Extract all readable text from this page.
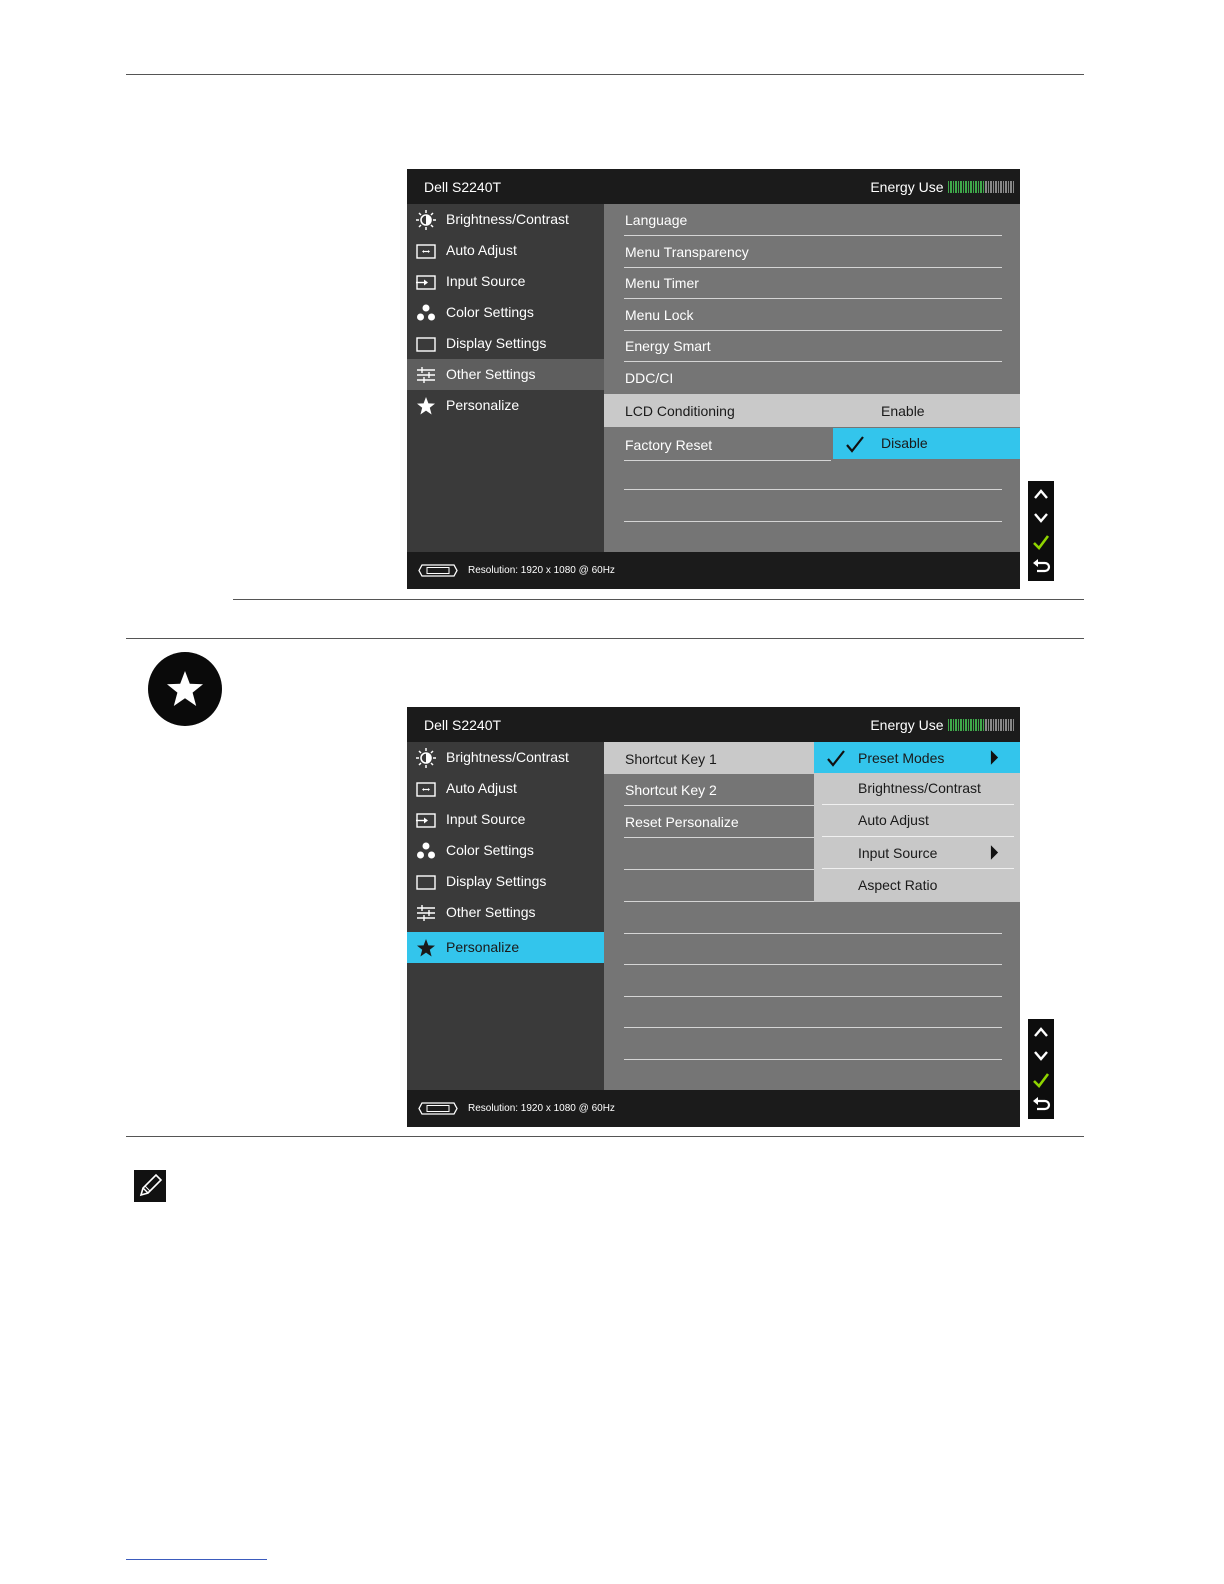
Dell S2240T	Energy Use
Brightness/Contrast
Auto Adjust
Input Source
Color Settings
Display Settings
Other Settings
Personalize
Language
Menu Transparency
Menu Timer
Menu Lock
Energy Smart
DDC/CI
LCD Conditioning	Enable
Factory Reset	Disable
Resolution: 1920 x 1080 @ 60Hz
Dell S2240T	Energy Use
Brightness/Contrast
Auto Adjust
Input Source
Color Settings
Display Settings
Other Settings
Personalize
Shortcut Key 1
Shortcut Key 2
Reset Personalize
Preset Modes
Brightness/Contrast
Auto Adjust
Input Source
Aspect Ratio
Resolution: 1920 x 1080 @ 60Hz
